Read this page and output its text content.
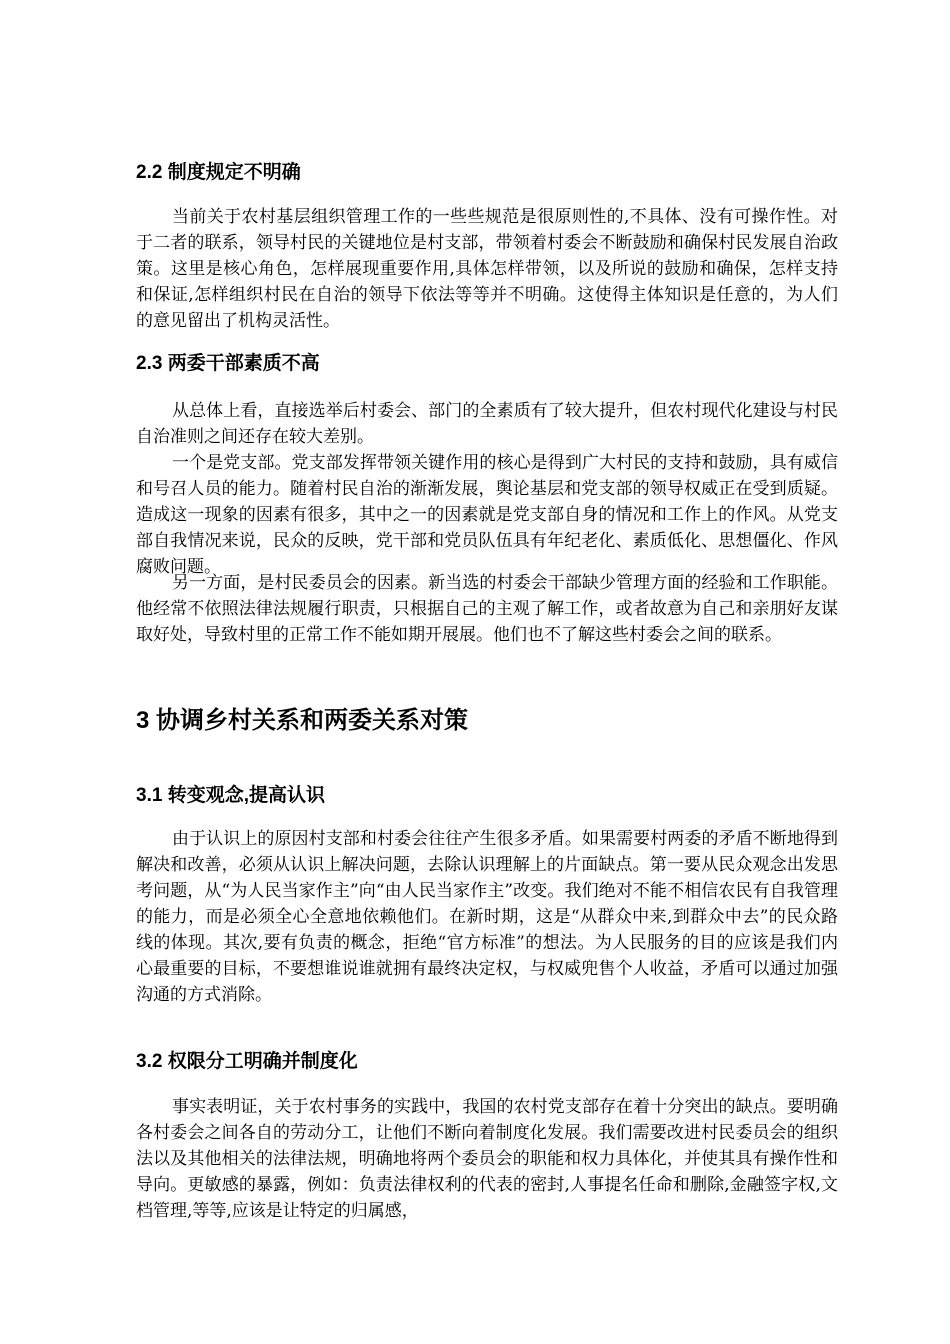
2.2 制度规定不明确

当前关于农村基层组织管理工作的一些些规范是很原则性的,不具体、没有可操作性。对于二者的联系，领导村民的关键地位是村支部，带领着村委会不断鼓励和确保村民发展自治政策。这里是核心角色，怎样展现重要作用,具体怎样带领，以及所说的鼓励和确保，怎样支持和保证,怎样组织村民在自治的领导下依法等等并不明确。这使得主体知识是任意的，为人们的意见留出了机构灵活性。

2.3 两委干部素质不高

从总体上看，直接选举后村委会、部门的全素质有了较大提升，但农村现代化建设与村民自治准则之间还存在较大差别。

一个是党支部。党支部发挥带领关键作用的核心是得到广大村民的支持和鼓励，具有威信和号召人员的能力。随着村民自治的渐渐发展，舆论基层和党支部的领导权威正在受到质疑。造成这一现象的因素有很多，其中之一的因素就是党支部自身的情况和工作上的作风。从党支部自我情况来说，民众的反映，党干部和党员队伍具有年纪老化、素质低化、思想僵化、作风腐败问题。

另一方面，是村民委员会的因素。新当选的村委会干部缺少管理方面的经验和工作职能。他经常不依照法律法规履行职责，只根据自己的主观了解工作，或者故意为自己和亲朋好友谋取好处，导致村里的正常工作不能如期开展展。他们也不了解这些村委会之间的联系。

3 协调乡村关系和两委关系对策
3.1 转变观念,提高认识

由于认识上的原因村支部和村委会往往产生很多矛盾。如果需要村两委的矛盾不断地得到解决和改善，必须从认识上解决问题，去除认识理解上的片面缺点。第一要从民众观念出发思考问题，从“为人民当家作主”向“由人民当家作主”改变。我们绝对不能不相信农民有自我管理的能力，而是必须全心全意地依赖他们。在新时期，这是“从群众中来,到群众中去”的民众路线的体现。其次,要有负责的概念，拒绝“官方标准”的想法。为人民服务的目的应该是我们内心最重要的目标，不要想谁说谁就拥有最终决定权，与权威兜售个人收益，矛盾可以通过加强沟通的方式消除。

3.2 权限分工明确并制度化

事实表明证，关于农村事务的实践中，我国的农村党支部存在着十分突出的缺点。要明确各村委会之间各自的劳动分工，让他们不断向着制度化发展。我们需要改进村民委员会的组织法以及其他相关的法律法规，明确地将两个委员会的职能和权力具体化，并使其具有操作性和导向。更敏感的暴露，例如：负责法律权利的代表的密封,人事提名任命和删除,金融签字权,文档管理,等等,应该是让特定的归属感，
